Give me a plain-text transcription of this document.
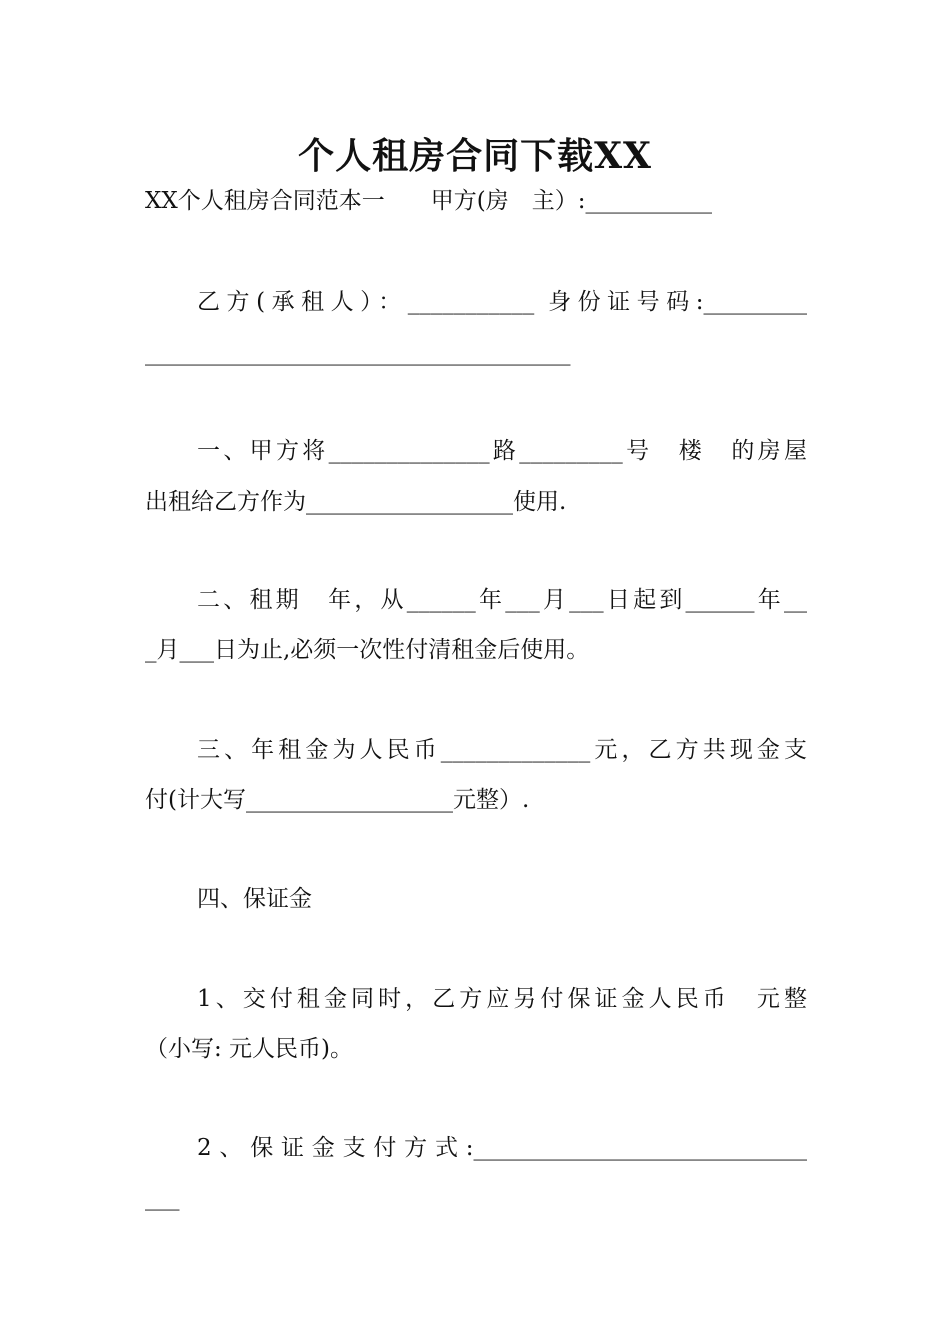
个人租房合同下载XX
XX个人租房合同范本一　　甲方(房　主）:___________
乙方(承租人）：___________ 身份证号码:_________
_____________________________________
一、甲方将______________路_________号　楼　的房屋
出租给乙方作为__________________使用.
二、租期　年，从______年___月___日起到______年__
_月___日为止,必须一次性付清租金后使用。
三、年租金为人民币_____________元，乙方共现金支
付(计大写__________________元整）.
四、保证金
1、交付租金同时，乙方应另付保证金人民币　元整
（小写: 元人民币)。
2、保证金支付方式:_____________________________
___
